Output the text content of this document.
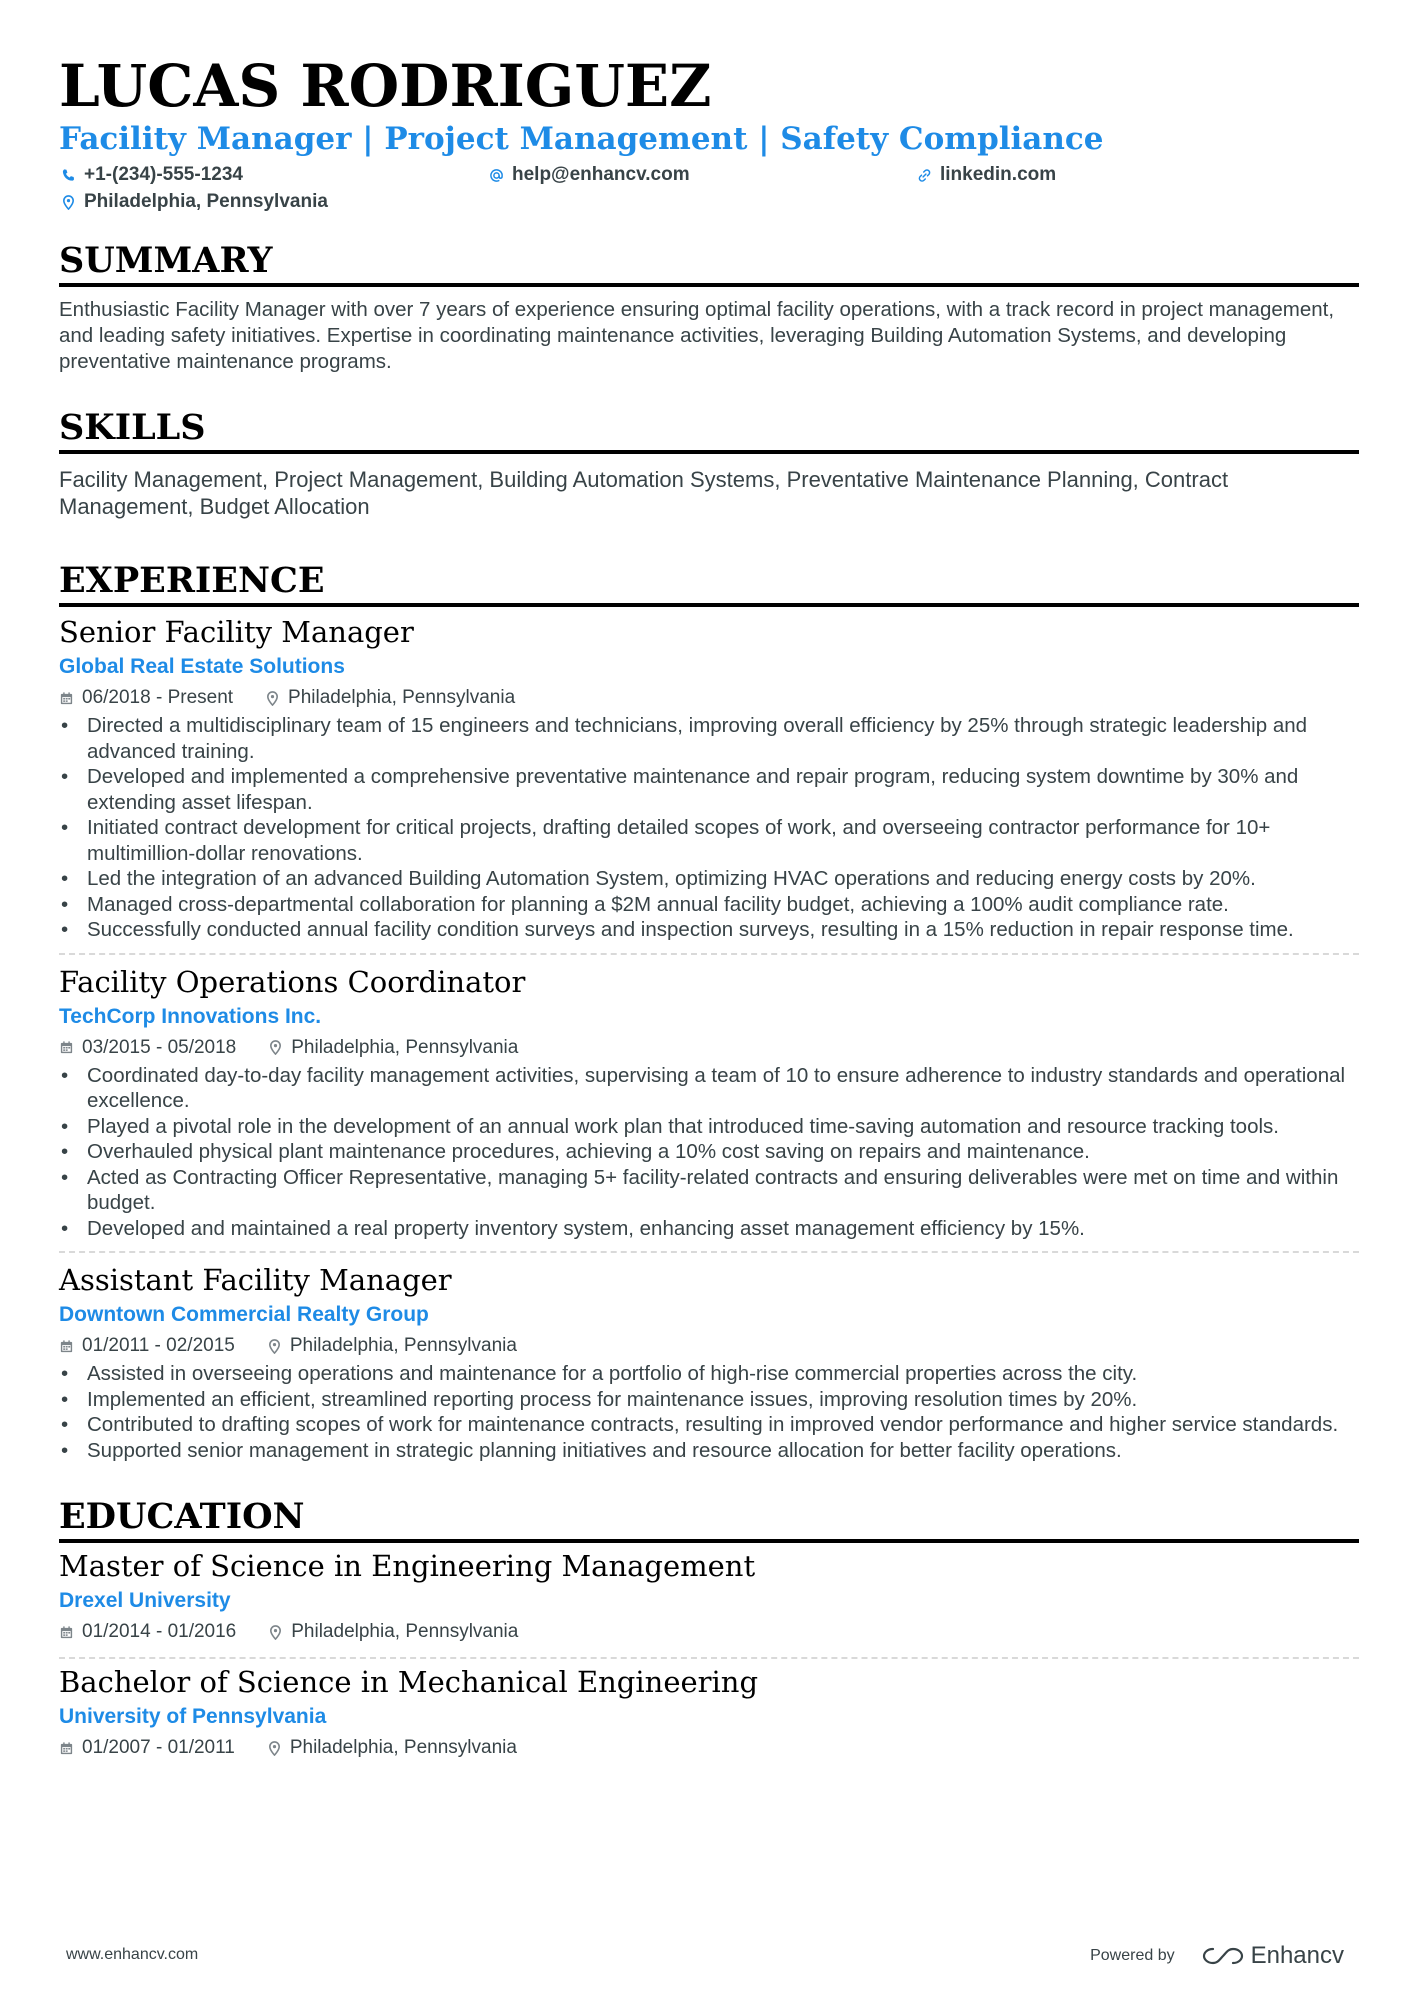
LUCAS RODRIGUEZ
Facility Manager | Project Management | Safety Compliance
+1-(234)-555-1234	help@enhancv.com	linkedin.com
Philadelphia, Pennsylvania
SUMMARY
Enthusiastic Facility Manager with over 7 years of experience ensuring optimal facility operations, with a track record in project management, and leading safety initiatives. Expertise in coordinating maintenance activities, leveraging Building Automation Systems, and developing preventative maintenance programs.
SKILLS
Facility Management, Project Management, Building Automation Systems, Preventative Maintenance Planning, Contract Management, Budget Allocation
EXPERIENCE
Senior Facility Manager
Global Real Estate Solutions
06/2018 - Present	Philadelphia, Pennsylvania
• Directed a multidisciplinary team of 15 engineers and technicians, improving overall efficiency by 25% through strategic leadership and advanced training.
• Developed and implemented a comprehensive preventative maintenance and repair program, reducing system downtime by 30% and extending asset lifespan.
• Initiated contract development for critical projects, drafting detailed scopes of work, and overseeing contractor performance for 10+ multimillion-dollar renovations.
• Led the integration of an advanced Building Automation System, optimizing HVAC operations and reducing energy costs by 20%.
• Managed cross-departmental collaboration for planning a $2M annual facility budget, achieving a 100% audit compliance rate.
• Successfully conducted annual facility condition surveys and inspection surveys, resulting in a 15% reduction in repair response time.
Facility Operations Coordinator
TechCorp Innovations Inc.
03/2015 - 05/2018	Philadelphia, Pennsylvania
• Coordinated day-to-day facility management activities, supervising a team of 10 to ensure adherence to industry standards and operational excellence.
• Played a pivotal role in the development of an annual work plan that introduced time-saving automation and resource tracking tools.
• Overhauled physical plant maintenance procedures, achieving a 10% cost saving on repairs and maintenance.
• Acted as Contracting Officer Representative, managing 5+ facility-related contracts and ensuring deliverables were met on time and within budget.
• Developed and maintained a real property inventory system, enhancing asset management efficiency by 15%.
Assistant Facility Manager
Downtown Commercial Realty Group
01/2011 - 02/2015	Philadelphia, Pennsylvania
• Assisted in overseeing operations and maintenance for a portfolio of high-rise commercial properties across the city.
• Implemented an efficient, streamlined reporting process for maintenance issues, improving resolution times by 20%.
• Contributed to drafting scopes of work for maintenance contracts, resulting in improved vendor performance and higher service standards.
• Supported senior management in strategic planning initiatives and resource allocation for better facility operations.
EDUCATION
Master of Science in Engineering Management
Drexel University
01/2014 - 01/2016	Philadelphia, Pennsylvania
Bachelor of Science in Mechanical Engineering
University of Pennsylvania
01/2007 - 01/2011	Philadelphia, Pennsylvania
www.enhancv.com	Powered by	Enhancv
